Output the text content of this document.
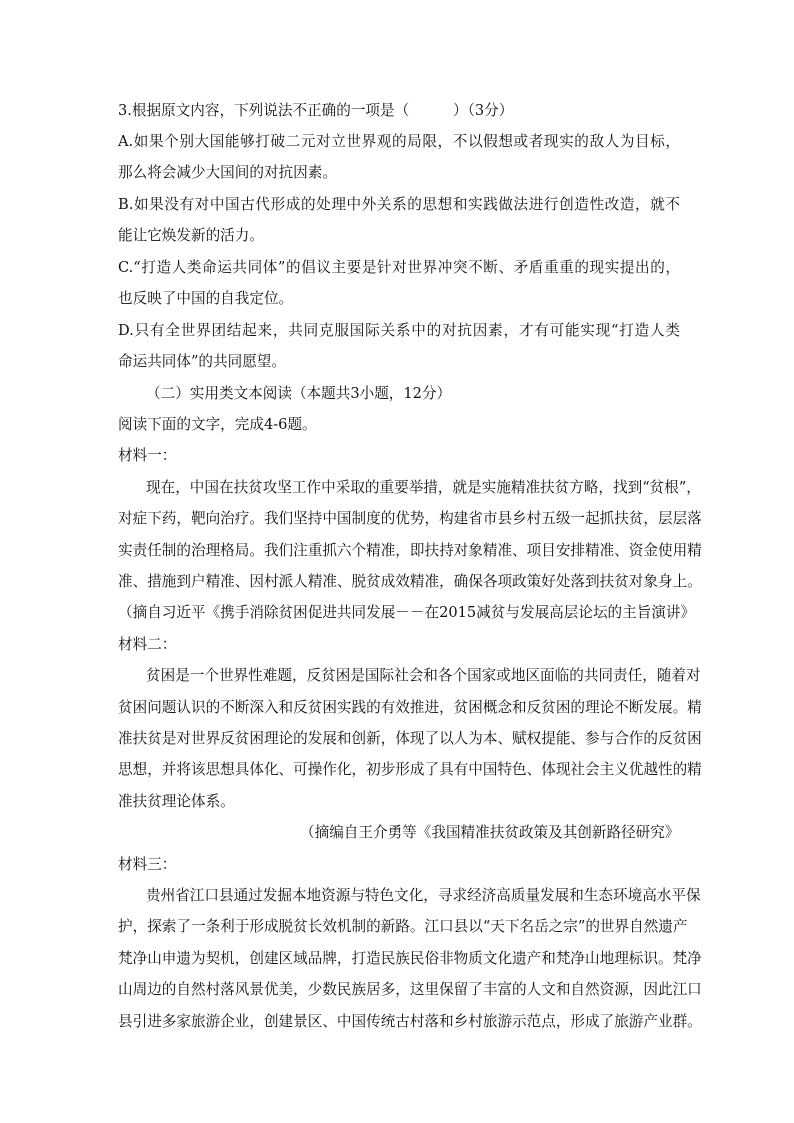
3.根据原文内容，下列说法不正确的一项是（　　　）（3分）
A.如果个别大国能够打破二元对立世界观的局限，不以假想或者现实的敌人为目标，
那么将会减少大国间的对抗因素。
B.如果没有对中国古代形成的处理中外关系的思想和实践做法进行创造性改造，就不
能让它焕发新的活力。
C.“打造人类命运共同体”的倡议主要是针对世界冲突不断、矛盾重重的现实提出的，
也反映了中国的自我定位。
D.只有全世界团结起来，共同克服国际关系中的对抗因素，才有可能实现“打造人类
命运共同体”的共同愿望。
（二）实用类文本阅读（本题共3小题，12分）
阅读下面的文字，完成4-6题。
材料一：
现在，中国在扶贫攻坚工作中采取的重要举措，就是实施精准扶贫方略，找到“贫根”，
对症下药，靶向治疗。我们坚持中国制度的优势，构建省市县乡村五级一起抓扶贫，层层落
实责任制的治理格局。我们注重抓六个精准，即扶持对象精准、项目安排精准、资金使用精
准、措施到户精准、因村派人精准、脱贫成效精准，确保各项政策好处落到扶贫对象身上。
（摘自习近平《携手消除贫困促进共同发展－－在2015减贫与发展高层论坛的主旨演讲》
材料二：
贫困是一个世界性难题，反贫困是国际社会和各个国家或地区面临的共同责任，随着对
贫困问题认识的不断深入和反贫困实践的有效推进，贫困概念和反贫困的理论不断发展。精
准扶贫是对世界反贫困理论的发展和创新，体现了以人为本、赋权提能、参与合作的反贫困
思想，并将该思想具体化、可操作化，初步形成了具有中国特色、体现社会主义优越性的精
准扶贫理论体系。
（摘编自王介勇等《我国精准扶贫政策及其创新路径研究》
材料三：
贵州省江口县通过发掘本地资源与特色文化，寻求经济高质量发展和生态环境高水平保
护，探索了一条利于形成脱贫长效机制的新路。江口县以“天下名岳之宗”的世界自然遗产
梵净山申遗为契机，创建区域品牌，打造民族民俗非物质文化遗产和梵净山地理标识。梵净
山周边的自然村落风景优美，少数民族居多，这里保留了丰富的人文和自然资源，因此江口
县引进多家旅游企业，创建景区、中国传统古村落和乡村旅游示范点，形成了旅游产业群。
